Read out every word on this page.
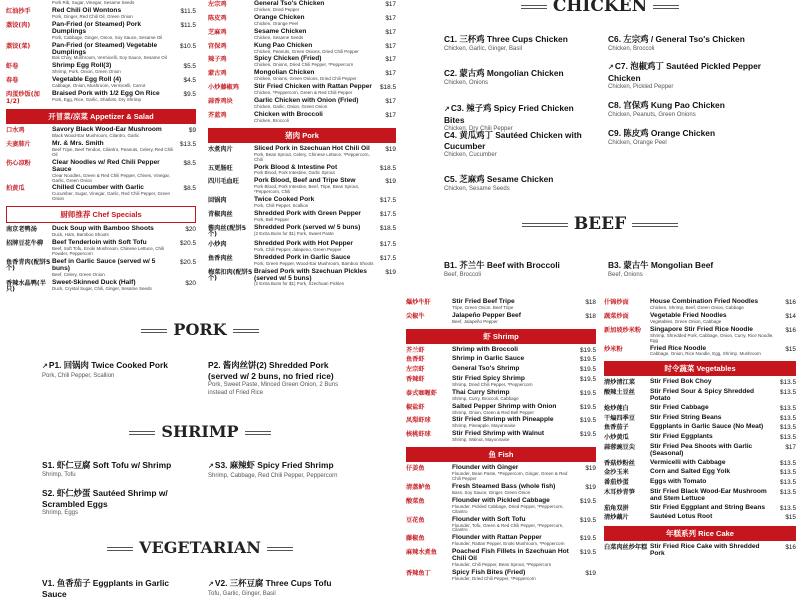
Pork Rib, Sugar, Vinegar, Sesame Seeds
红油抄手	Red Chili Oil Wontons
Pork, Ginger, Red Chili Oil, Green Onion
$11.5
蒸饺(肉)	Pan-Fried (or Steamed) Pork Dumplings
Pork, Cabbage, Ginger, Onion, Soy Sauce, Sesame Oil
$11.5
蒸饺(菜)	Pan-Fried (or Steamed) Vegetable Dumplings
Bok Choy, Mushroom, Vermicelli, Soy Sauce, Sesame Oil
$10.5
虾卷	Shrimp Egg Roll(3)
Shrimp, Pork, Onion, Green Onion
$5.5
春卷	Vegetable Egg Roll (4)
Cabbage, Onion, Mushroom, Vermicelli, Carrot
$4.5
肉蛋炒饭(加1/2)
Braised Pork with 1/2 Egg On Rice
Pork, Egg, Rice, Garlic, Shallots, Dry Shrimp
$9.5
开冒菜/凉菜 Appetizer & Salad
口水鸡	Savory Black Wood-Ear Mushroom
Black Wood-Ear Mushroom, Cilantro, Garlic
$9
夫妻肺片	Mr. & Mrs. Smith
Beef Tripe, Beef Tendon, Cilantro, Peanuts, Celery, Red Chili Oil
$13.5
伤心凉粉	Clear Noodles w/ Red Chili Pepper Sauce
Clear Noodles, Green & Red Chili Pepper, Chives, Vinegar, Garlic, Green Onion
$8.5
拍黄瓜	Chilled Cucumber with Garlic
Cucumber, Sugar, Vinegar, Garlic, Red Chili Pepper, Green Onion
$8.5
厨师推荐 Chef Specials
南京老鸭汤	Duck Soup with Bamboo Shoots
Duck, Ham, Bamboo Shoots
$20
招牌豆花牛柳	Beef Tenderloin with Soft Tofu
Beef, Soft Tofu, Enoki Mushroom, Chinese Lettuce, Chili Powder, Peppercorn
$20.5
鱼香青肉(配饼5个)
Beef in Garlic Sauce (served w/ 5 buns)
Beef, Celery, Green Onion
$20.5
香辣水晶鸭(半只)
Sweet-Skinned Duck (Half)
Duck, Crystal Sugar, Chili, Ginger, Sesame Seeds
$20
左宗鸡	General Tso's Chicken
Chicken, Dried Pepper
$17
陈皮鸡	Orange Chicken
Chicken, Orange Peel
$17
芝麻鸡	Sesame Chicken
Chicken, Sesame Seeds
$17
宫保鸡	Kung Pao Chicken
Chicken, Peanuts, Green Onions, Dried Chili Pepper
$17
辣子鸡	Spicy Chicken (Fried)
Chicken, Onions, Dried Chili Pepper, *Peppercorn
$17
蒙古鸡	Mongolian Chicken
Chicken, Onions, Green Onions, Dried Chili Pepper
$17
小炒藤椒鸡	Stir Fried Chicken with Rattan Pepper
Chicken, *Peppercorn, Green & Red Chili Pepper
$18.5
蒜香鸡块	Garlic Chicken with Onion (Fried)
Chicken, Garlic, Onion, Green Onion
$17
芥蓝鸡	Chicken with Broccoli
Chicken, Broccoli
$17
猪肉 Pork
水煮肉片	Sliced Pork in Szechuan Hot Chili Oil
Pork, Bean Sprout, Celery, Chinese Lettuce, *Peppercorn, Chili
$19
五更肠旺	Pork Blood & Intestine Pot
Pork Blood, Pork Intestine, Garlic Sprout
$18.5
四川毛血旺	Pork Blood, Beef and Tripe Stew
Pork Blood, Pork Intestine, Beef, Tripe, Bean Sprout, *Peppercorn, Chili
$19
回锅肉	Twice Cooked Pork
Pork, Chili Pepper, Scallion
$17.5
青椒肉丝	Shredded Pork with Green Pepper
Pork, Bell Pepper
$17.5
酱肉丝(配饼5个)
Shredded Pork (served w/ 5 buns)
(2 Extra Buns for $1) Pork, Sweet Paste
$18.5
小炒肉	Shredded Pork with Hot Pepper
Pork, Chili Pepper, Jalapeno, Green Pepper
$17.5
鱼香肉丝	Shredded Pork in Garlic Sauce
Pork, Green Pepper, Wood-Ear Mushroom, Bamboo Shoots
$17.5
梅菜扣肉(配饼5个)
Braised Pork with Szechuan Pickles (served w/ 5 buns)
(2 Extra Buns for $1) Pork, Szechuan Pickles
$19
CHICKEN
C1. 三杯鸡 Three Cups Chicken
Chicken, Garlic, Ginger, Basil
C2. 蒙古鸡 Mongolian Chicken
Chicken, Onions
↗C3. 辣子鸡 Spicy Fried Chicken Bites
Chicken, Dry Chili Pepper
C4. 黄瓜鸡丁 Sautéed Chicken with Cucumber
Chicken, Cucumber
C5. 芝麻鸡 Sesame Chicken
Chicken, Sesame Seeds
C6. 左宗鸡 / General Tso's Chicken
Chicken, Broccoli
↗C7. 泡椒鸡丁 Sautéed Pickled Pepper Chicken
Chicken, Pickled Pepper
C8. 宫保鸡 Kung Pao Chicken
Chicken, Peanuts, Green Onions
C9. 陈皮鸡 Orange Chicken
Chicken, Orange Peel
BEEF
B1. 芥兰牛 Beef with Broccoli
Beef, Broccoli
B3. 蒙古牛 Mongolian Beef
Beef, Onions
PORK
↗P1. 回锅肉 Twice Cooked Pork
Pork, Chili Pepper, Scallion
P2. 酱肉丝饼(2) Shredded Pork (served w/ 2 buns, no fried rice)
Pork, Sweet Paste, Minced Green Onion, 2 Buns instead of Fried Rice
SHRIMP
S1. 虾仁豆腐 Soft Tofu w/ Shrimp
Shrimp, Tofu
↗S3. 麻辣虾 Spicy Fried Shrimp
Shrimp, Cabbage, Red Chili Pepper, Peppercorn
S2. 虾仁炒蛋 Sautéed Shrimp w/ Scrambled Eggs
Shrimp, Eggs
VEGETARIAN
V1. 鱼香茄子 Eggplants in Garlic Sauce
↗V2. 三杯豆腐 Three Cups Tofu
Tofu, Garlic, Ginger, Basil
爆炒牛肝	Stir Fried Beef Tripe
Tripe, Green Onion, Beef Tripe
$18
尖椒牛	Jalapeño Pepper Beef
Beef, Jalapeño Pepper
$18
虾 Shrimp
芥兰虾	Shrimp with Broccoli	$19.5
鱼香虾	Shrimp in Garlic Sauce	$19.5
左宗虾	General Tso's Shrimp	$19.5
香辣虾	Stir Fried Spicy Shrimp
Shrimp, Dried Chili Pepper, *Peppercorn
$19.5
泰式咖喱虾	Thai Curry Shrimp
Shrimp, Curry, Broccoli, Cabbage
$19.5
椒盐虾	Salted Pepper Shrimp with Onion
Shrimp, Onion, Green & Red Bell Pepper
$19.5
凤梨虾球	Stir Fried Shrimp with Pineapple
Shrimp, Pineapple, Mayonnaise
$19.5
核桃虾球	Stir Fried Shrimp with Walnut
Shrimp, Walnut, Mayonnaise
$19.5
鱼 Fish
仔姜鱼	Flounder with Ginger
Flounder, Bean Paste, *Peppercorn, Ginger, Green & Red Chili Pepper
$19
清蒸鲈鱼	Fresh Steamed Bass (whole fish)
Bass, Soy Sauce, Ginger, Green Onion
$19
酸菜鱼	Flounder with Pickled Cabbage
Flounder, Pickled Cabbage, Dried Pepper, *Peppercorn, Cilantro
$19.5
豆花鱼	Flounder with Soft Tofu
Flounder, Tofu, Green & Red Chili Pepper, *Peppercorn, Cilantro
$19.5
藤椒鱼	Flounder with Rattan Pepper
Flounder, Rattan Pepper, Enoki Mushroom, *Peppercorn
$19.5
麻辣水煮鱼	Poached Fish Fillets in Szechuan Hot Chili Oil
Flounder, Chili Pepper, Bean Sprout, *Peppercorn
$19.5
香辣鱼丁	Spicy Fish Bites (Fried)
Flounder, Dried Chili Pepper, *Peppercorn
$19
什锦炒面	House Combination Fried Noodles
Chicken, Shrimp, Beef, Green Onion, Cabbage
$16
蔬菜炒面	Vegetable Fried Noodles
Vegetables, Green Onion, Cabbage
$14
新加坡炒米粉	Singapore Stir Fried Rice Noodle
Shrimp, Shredded Pork, Cabbage, Onion, Curry, Rice Noodle, Egg
$16
炒米粉	Fried Rice Noodle
Cabbage, Onion, Rice Noodle, Egg, Shrimp, Mushroom
$15
时令蔬菜 Vegetables
清炒清江菜	Stir Fried Bok Choy	$13.5
酸辣土豆丝	Stir Fried Sour & Spicy Shredded Potato
$13.5
炝炒莲白	Stir Fried Cabbage	$13.5
干煸四季豆	Stir Fried String Beans	$13.5
鱼香茄子	Eggplants in Garlic Sauce (No Meat)	$13.5
小炒黄瓜	Stir Fried Eggplants	$13.5
蒜蓉豌豆尖	Stir Fried Pea Shoots with Garlic (Seasonal)
$17
香菇炒粉丝	Vermicelli with Cabbage	$13.5
金沙玉米	Corn and Salted Egg Yolk	$13.5
番茄炒蛋	Eggs with Tomato	$13.5
木耳炒青笋	Stir Fried Black Wood-Ear Mushroom and Stem Lettuce
$13.5
茄角双拼	Stir Fried Eggplant and String Beans	$13.5
清炒藕片	Sautéed Lotus Root	$15
年糕系列 Rice Cake
白菜肉丝炒年糕 Stir Fried Rice Cake with Shredded Pork
$16
